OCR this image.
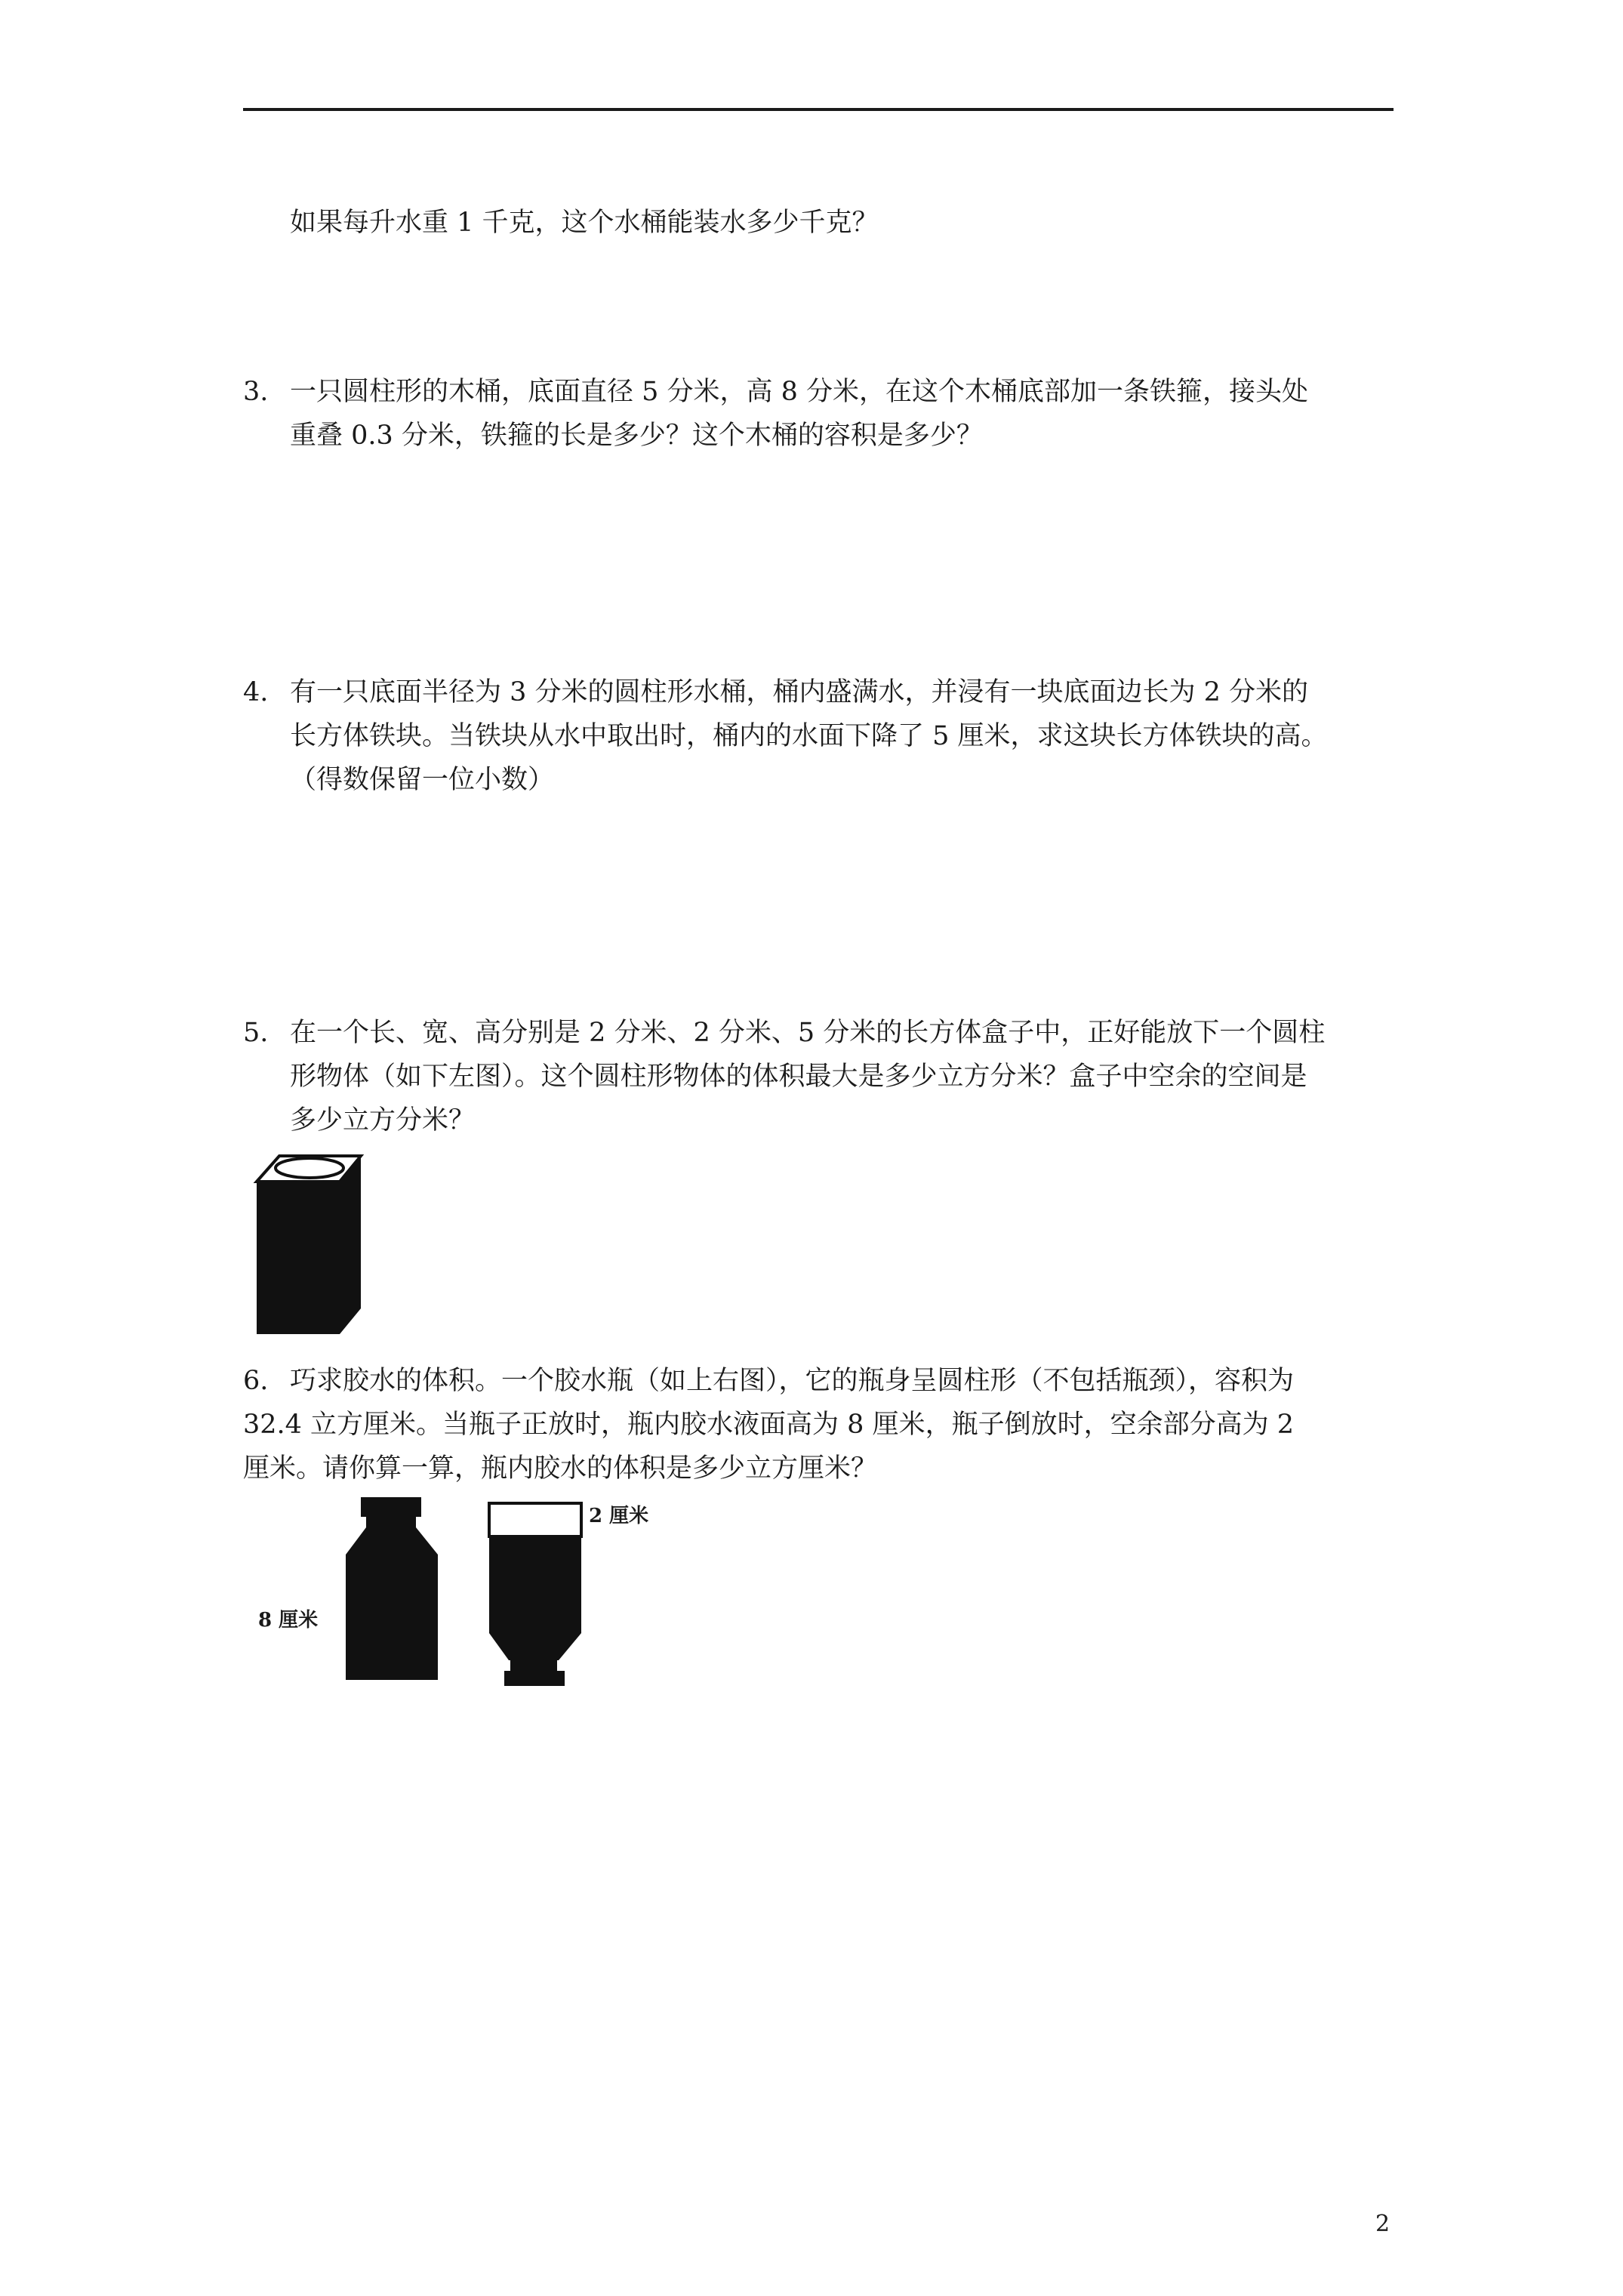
如果每升水重 1 千克，这个水桶能装水多少千克？

3. 一只圆柱形的木桶，底面直径 5 分米，高 8 分米，在这个木桶底部加一条铁箍，接头处
重叠 0.3 分米，铁箍的长是多少？这个木桶的容积是多少？
4. 有一只底面半径为 3 分米的圆柱形水桶，桶内盛满水，并浸有一块底面边长为 2 分米的
长方体铁块。当铁块从水中取出时，桶内的水面下降了 5 厘米，求这块长方体铁块的高。
（得数保留一位小数）
5. 在一个长、宽、高分别是 2 分米、2 分米、5 分米的长方体盒子中，正好能放下一个圆柱
形物体（如下左图）。这个圆柱形物体的体积最大是多少立方分米？盒子中空余的空间是
多少立方分米？
6. 巧求胶水的体积。一个胶水瓶（如上右图），它的瓶身呈圆柱形（不包括瓶颈），容积为
32.4 立方厘米。当瓶子正放时，瓶内胶水液面高为 8 厘米，瓶子倒放时，空余部分高为 2
厘米。请你算一算，瓶内胶水的体积是多少立方厘米？
8 厘米
2 厘米
2
